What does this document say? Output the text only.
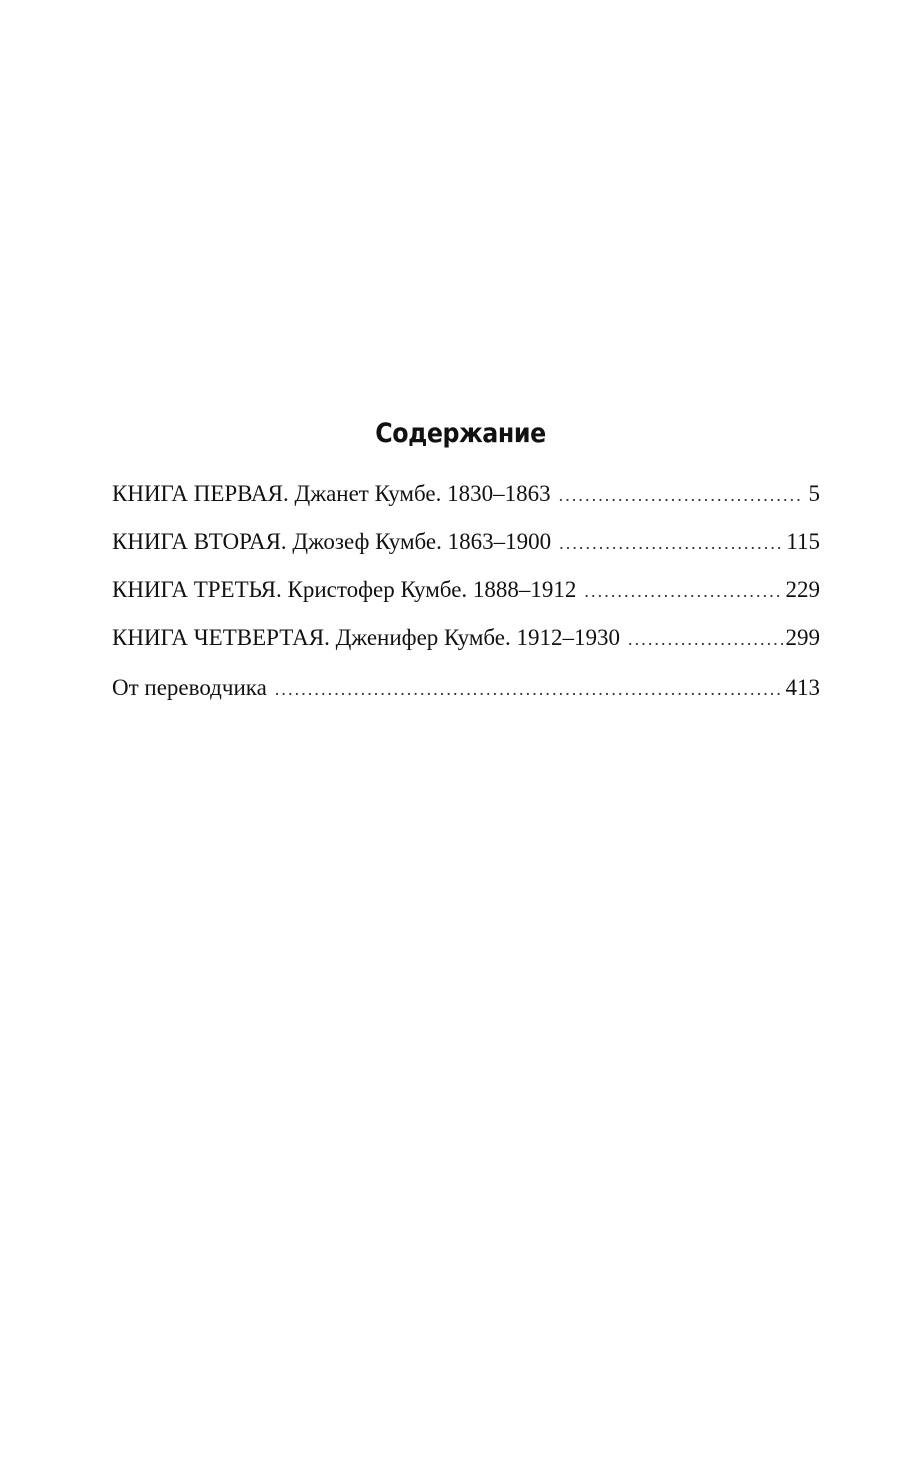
Содержание
КНИГА ПЕРВАЯ. Джанет Кумбе. 1830–1863 . . .	5
КНИГА ВТОРАЯ. Джозеф Кумбе. 1863–1900 . . .	115
КНИГА ТРЕТЬЯ. Кристофер Кумбе. 1888–1912 . . .	229
КНИГА ЧЕТВЕРТАЯ. Дженифер Кумбе. 1912–1930 . . .	299
От переводчика . . .	413
